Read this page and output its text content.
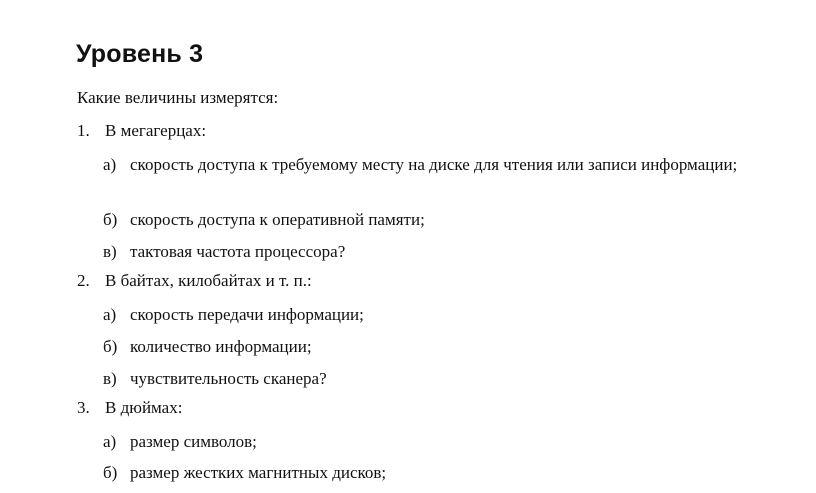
Уровень 3

Какие величины измерятся:

1. В мегагерцах:

а) скорость доступа к требуемому месту на диске для чтения или записи информации;
б) скорость доступа к оперативной памяти;
в) тактовая частота процессора?

2. В байтах, килобайтах и т. п.:

а) скорость передачи информации;
б) количество информации;
в) чувствительность сканера?

3. В дюймах:

а) размер символов;
б) размер жестких магнитных дисков;
